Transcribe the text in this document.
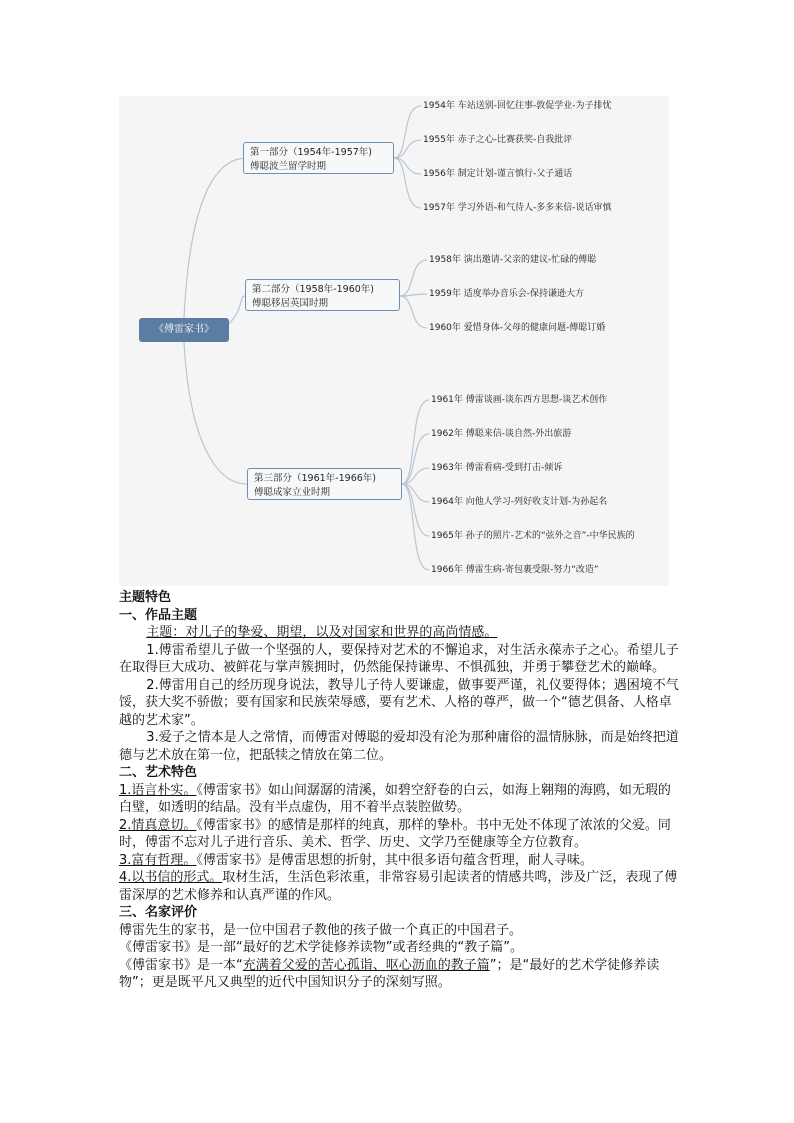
《傅雷家书》
第一部分（1954年-1957年)
傅聪波兰留学时期
1954年 车站送别-回忆往事-敦促学业-为子排忧
1955年 赤子之心-比赛获奖-自我批评
1956年 制定计划-谨言慎行-父子通话
1957年 学习外语-和气待人-多多来信-说话审慎
第二部分（1958年-1960年)
傅聪移居英国时期
1958年 演出邀请-父亲的建议-忙碌的傅聪
1959年 适度举办音乐会-保持谦逊大方
1960年 爱惜身体-父母的健康问题-傅聪订婚
第三部分（1961年-1966年)
傅聪成家立业时期
1961年 傅雷谈画-谈东西方思想-谈艺术创作
1962年 傅聪来信-谈自然-外出旅游
1963年 傅雷看病-受到打击-倾诉
1964年 向他人学习-列好收支计划-为孙起名
1965年 孙子的照片-艺术的“弦外之音”-中华民族的
1966年 傅雷生病-寄包裹受限-努力“改造”

主题特色

一、作品主题

主题：对儿子的挚爱、期望，以及对国家和世界的高尚情感。

1.傅雷希望儿子做一个坚强的人，要保持对艺术的不懈追求，对生活永葆赤子之心。希望儿子在取得巨大成功、被鲜花与掌声簇拥时，仍然能保持谦卑、不惧孤独，并勇于攀登艺术的巅峰。

2.傅雷用自己的经历现身说法，教导儿子待人要谦虚，做事要严谨，礼仪要得体；遇困境不气馁，获大奖不骄傲；要有国家和民族荣辱感，要有艺术、人格的尊严，做一个“德艺俱备、人格卓越的艺术家”。

3.爱子之情本是人之常情，而傅雷对傅聪的爱却没有沦为那种庸俗的温情脉脉，而是始终把道德与艺术放在第一位，把舐犊之情放在第二位。

二、艺术特色

1.语言朴实。《傅雷家书》如山间潺潺的清溪，如碧空舒卷的白云，如海上翱翔的海鸥，如无瑕的白璧，如透明的结晶。没有半点虚伪，用不着半点装腔做势。

2.情真意切。《傅雷家书》的感情是那样的纯真，那样的挚朴。书中无处不体现了浓浓的父爱。同时，傅雷不忘对儿子进行音乐、美术、哲学、历史、文学乃至健康等全方位教育。

3.富有哲理。《傅雷家书》是傅雷思想的折射，其中很多语句蕴含哲理，耐人寻味。

4.以书信的形式。取材生活，生活色彩浓重，非常容易引起读者的情感共鸣，涉及广泛，表现了傅雷深厚的艺术修养和认真严谨的作风。

三、名家评价

傅雷先生的家书，是一位中国君子教他的孩子做一个真正的中国君子。

《傅雷家书》是一部“最好的艺术学徒修养读物”或者经典的“教子篇”。

《傅雷家书》是一本“充满着父爱的苦心孤诣、呕心沥血的教子篇”；是“最好的艺术学徒修养读物”；更是既平凡又典型的近代中国知识分子的深刻写照。
